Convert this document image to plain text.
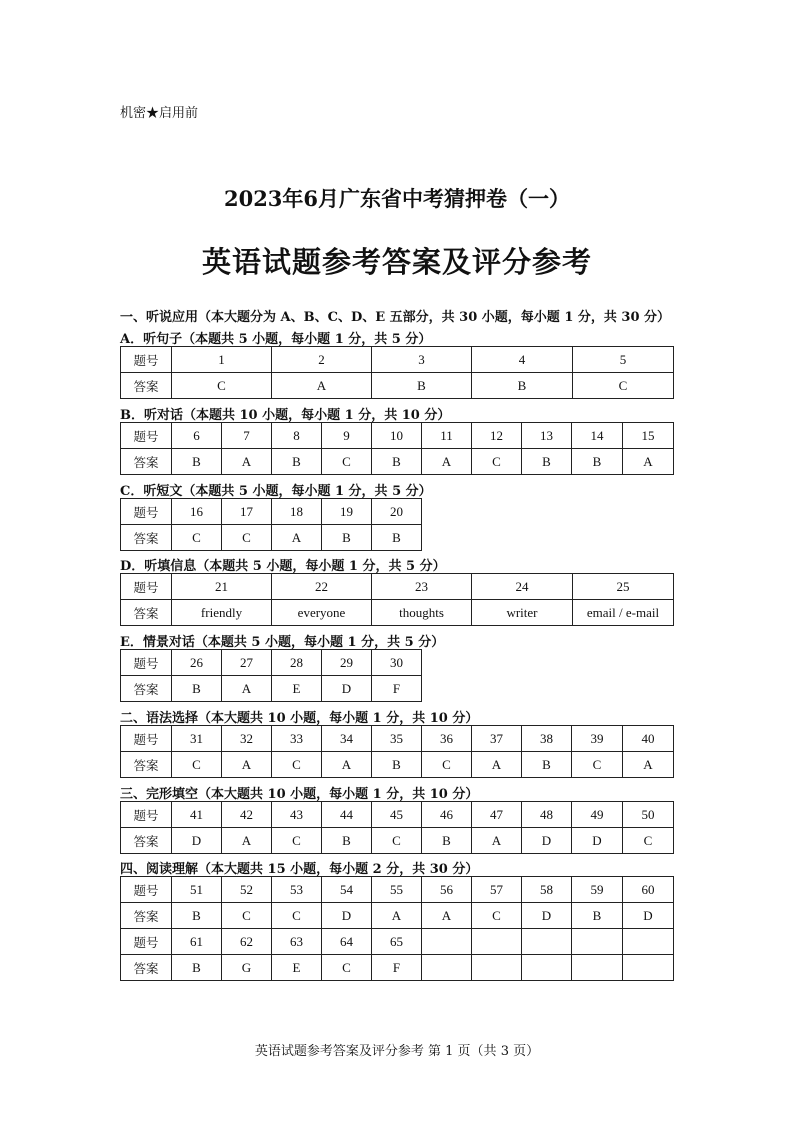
机密★启用前
2023年6月广东省中考猜押卷（一）
英语试题参考答案及评分参考
一、听说应用（本大题分为 A、B、C、D、E 五部分，共 30 小题，每小题 1 分，共 30 分）
A．听句子（本题共 5 小题，每小题 1 分，共 5 分）
题号	1	2	3	4	5
答案	C	A	B	B	C
B．听对话（本题共 10 小题，每小题 1 分，共 10 分）
题号	6	7	8	9	10	11	12	13	14	15
答案	B	A	B	C	B	A	C	B	B	A
C．听短文（本题共 5 小题，每小题 1 分，共 5 分）
题号	16	17	18	19	20
答案	C	C	A	B	B
D．听填信息（本题共 5 小题，每小题 1 分，共 5 分）
题号	21	22	23	24	25
答案	friendly	everyone	thoughts	writer	email / e-mail
E．情景对话（本题共 5 小题，每小题 1 分，共 5 分）
题号	26	27	28	29	30
答案	B	A	E	D	F
二、语法选择（本大题共 10 小题，每小题 1 分，共 10 分）
题号	31	32	33	34	35	36	37	38	39	40
答案	C	A	C	A	B	C	A	B	C	A
三、完形填空（本大题共 10 小题，每小题 1 分，共 10 分）
题号	41	42	43	44	45	46	47	48	49	50
答案	D	A	C	B	C	B	A	D	D	C
四、阅读理解（本大题共 15 小题，每小题 2 分，共 30 分）
题号	51	52	53	54	55	56	57	58	59	60
答案	B	C	C	D	A	A	C	D	B	D
题号	61	62	63	64	65					
答案	B	G	E	C	F					
英语试题参考答案及评分参考 第 1 页（共 3 页）
